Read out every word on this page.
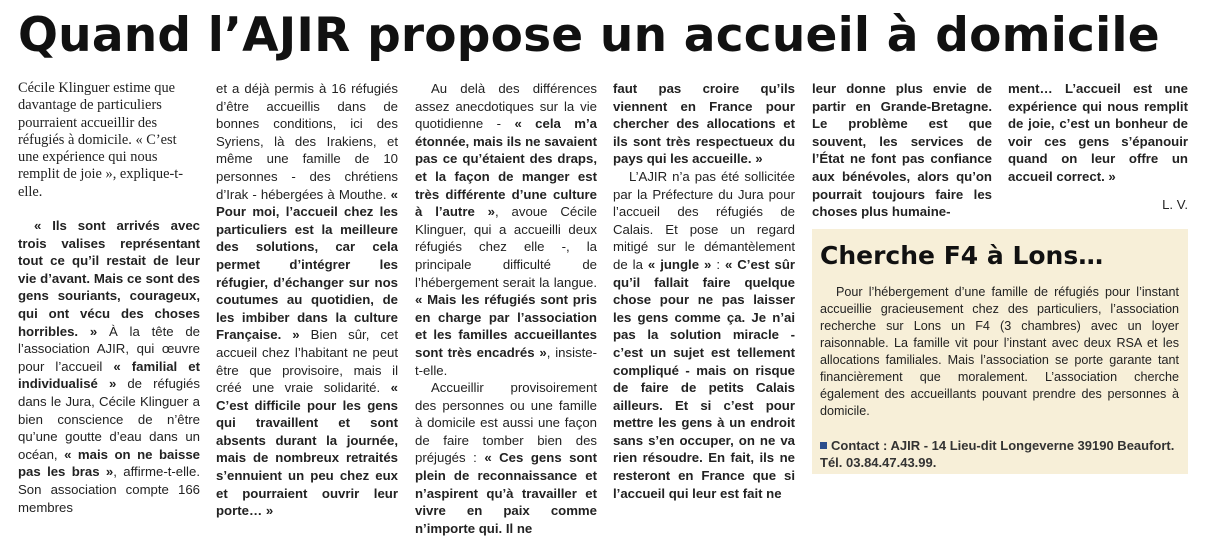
Quand l’AJIR propose un accueil à domicile

Cécile Klinguer estime que davantage de particuliers pourraient accueillir des réfugiés à domicile. « C’est une expérience qui nous remplit de joie », explique-t-elle.

« Ils sont arrivés avec trois valises représentant tout ce qu’il restait de leur vie d’avant. Mais ce sont des gens souriants, courageux, qui ont vécu des choses horribles. » À la tête de l’association AJIR, qui œuvre pour l’accueil « familial et individualisé » de réfugiés dans le Jura, Cécile Klinguer a bien conscience de n’être qu’une goutte d’eau dans un océan, « mais on ne baisse pas les bras », affirme-t-elle. Son association compte 166 membres

et a déjà permis à 16 réfugiés d’être accueillis dans de bonnes conditions, ici des Syriens, là des Irakiens, et même une famille de 10 personnes - des chrétiens d’Irak - hébergées à Mouthe. « Pour moi, l’accueil chez les particuliers est la meilleure des solutions, car cela permet d’intégrer les réfugier, d’échanger sur nos coutumes au quotidien, de les imbiber dans la culture Française. » Bien sûr, cet accueil chez l’habitant ne peut être que provisoire, mais il créé une vraie solidarité. « C’est difficile pour les gens qui travaillent et sont absents durant la journée, mais de nombreux retraités s’ennuient un peu chez eux et pourraient ouvrir leur porte… »

Au delà des différences assez anecdotiques sur la vie quotidienne - « cela m’a étonnée, mais ils ne savaient pas ce qu’étaient des draps, et la façon de manger est très différente d’une culture à l’autre », avoue Cécile Klinguer, qui a accueilli deux réfugiés chez elle -, la principale difficulté de l’hébergement serait la langue. « Mais les réfugiés sont pris en charge par l’association et les familles accueillantes sont très encadrés », insiste-t-elle.

Accueillir provisoirement des personnes ou une famille à domicile est aussi une façon de faire tomber bien des préjugés : « Ces gens sont plein de reconnaissance et n’aspirent qu’à travailler et vivre en paix comme n’importe qui. Il ne

faut pas croire qu’ils viennent en France pour chercher des allocations et ils sont très respectueux du pays qui les accueille. »

L’AJIR n’a pas été sollicitée par la Préfecture du Jura pour l’accueil des réfugiés de Calais. Et pose un regard mitigé sur le démantèlement de la « jungle » : « C’est sûr qu’il fallait faire quelque chose pour ne pas laisser les gens comme ça. Je n’ai pas la solution miracle - c’est un sujet est tellement compliqué - mais on risque de faire de petits Calais ailleurs. Et si c’est pour mettre les gens à un endroit sans s’en occuper, on ne va rien résoudre. En fait, ils ne resteront en France que si l’accueil qui leur est fait ne

leur donne plus envie de partir en Grande-Bretagne. Le problème est que souvent, les services de l’État ne font pas confiance aux bénévoles, alors qu’on pourrait toujours faire les choses plus humaine-

ment… L’accueil est une expérience qui nous remplit de joie, c’est un bonheur de voir ces gens s’épanouir quand on leur offre un accueil correct. »

L. V.

Cherche F4 à Lons…

Pour l’hébergement d’une famille de réfugiés pour l’instant accueillie gracieusement chez des particuliers, l’association recherche sur Lons un F4 (3 chambres) avec un loyer raisonnable. La famille vit pour l’instant avec deux RSA et les allocations familiales. Mais l’association se porte garante tant financièrement que moralement. L’association cherche également des accueillants pouvant prendre des personnes à domicile.

Contact : AJIR - 14 Lieu-dit Longeverne 39190 Beaufort. Tél. 03.84.47.43.99.
